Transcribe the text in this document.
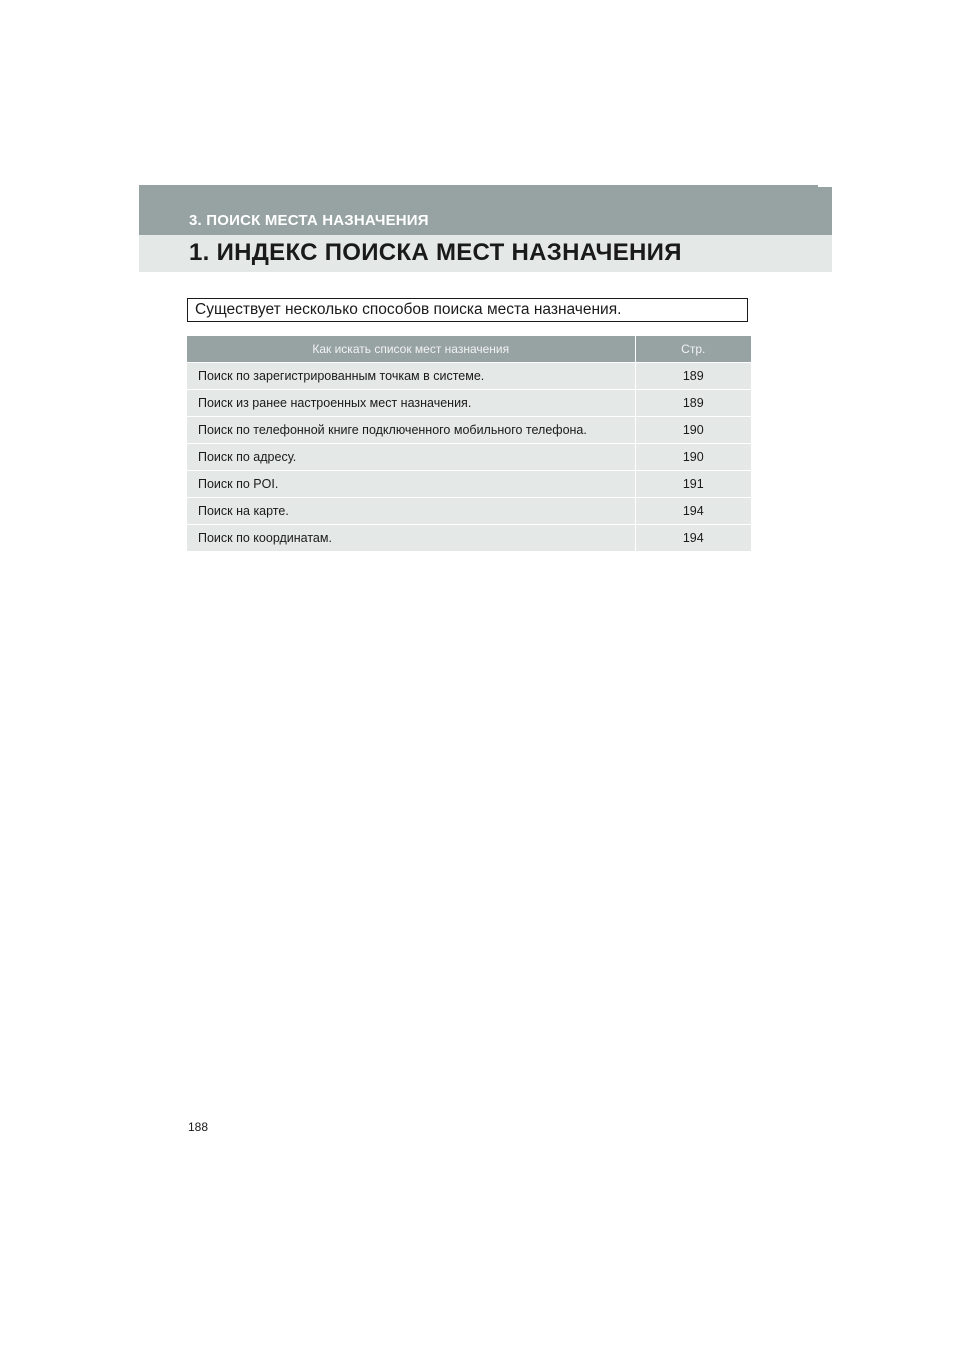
3. ПОИСК МЕСТА НАЗНАЧЕНИЯ
1. ИНДЕКС ПОИСКА МЕСТ НАЗНАЧЕНИЯ
Существует несколько способов поиска места назначения.
Как искать список мест назначения	Стр.
Поиск по зарегистрированным точкам в системе.	189
Поиск из ранее настроенных мест назначения.	189
Поиск по телефонной книге подключенного мобильного телефона.	190
Поиск по адресу.	190
Поиск по POI.	191
Поиск на карте.	194
Поиск по координатам.	194
188
